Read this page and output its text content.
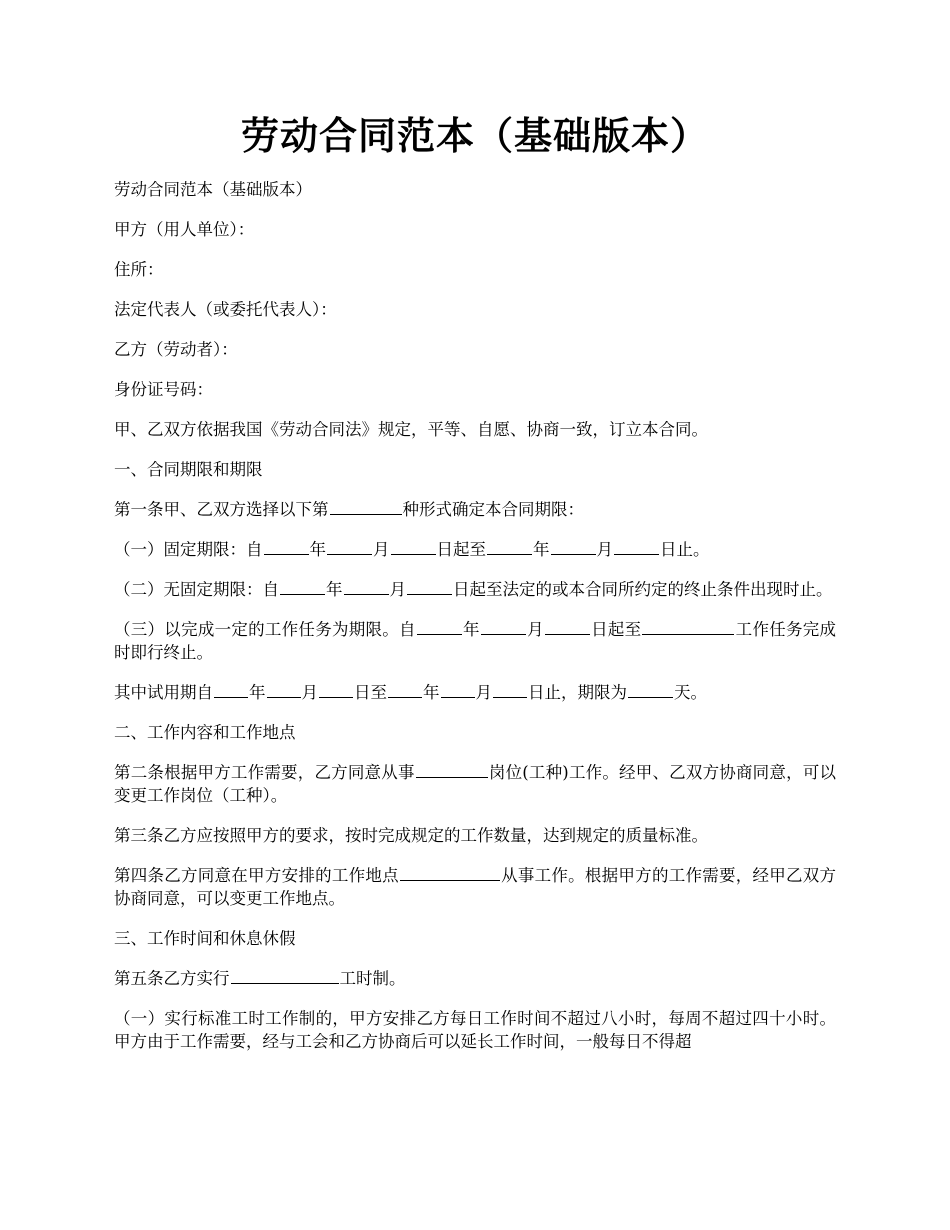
劳动合同范本（基础版本）

劳动合同范本（基础版本）

甲方（用人单位）：

住所：

法定代表人（或委托代表人）：

乙方（劳动者）：

身份证号码：

甲、乙双方依据我国《劳动合同法》规定，平等、自愿、协商一致，订立本合同。

一、合同期限和期限

第一条甲、乙双方选择以下第	种形式确定本合同期限：

（一）固定期限：自	年	月	日起至	年	月	日止。

（二）无固定期限：自	年	月	日起至法定的或本合同所约定的终止条件出现时止。

（三）以完成一定的工作任务为期限。自	年	月	日起至	工作任务完成时即行终止。

其中试用期自 年 月 日至 年 月 日止，期限为	天。

二、工作内容和工作地点

第二条根据甲方工作需要，乙方同意从事	岗位(工种)工作。经甲、乙双方协商同意，可以变更工作岗位（工种）。

第三条乙方应按照甲方的要求，按时完成规定的工作数量，达到规定的质量标准。

第四条乙方同意在甲方安排的工作地点	从事工作。根据甲方的工作需要，经甲乙双方协商同意，可以变更工作地点。

三、工作时间和休息休假

第五条乙方实行	工时制。

（一）实行标准工时工作制的，甲方安排乙方每日工作时间不超过八小时，每周不超过四十小时。甲方由于工作需要，经与工会和乙方协商后可以延长工作时间，一般每日不得超
